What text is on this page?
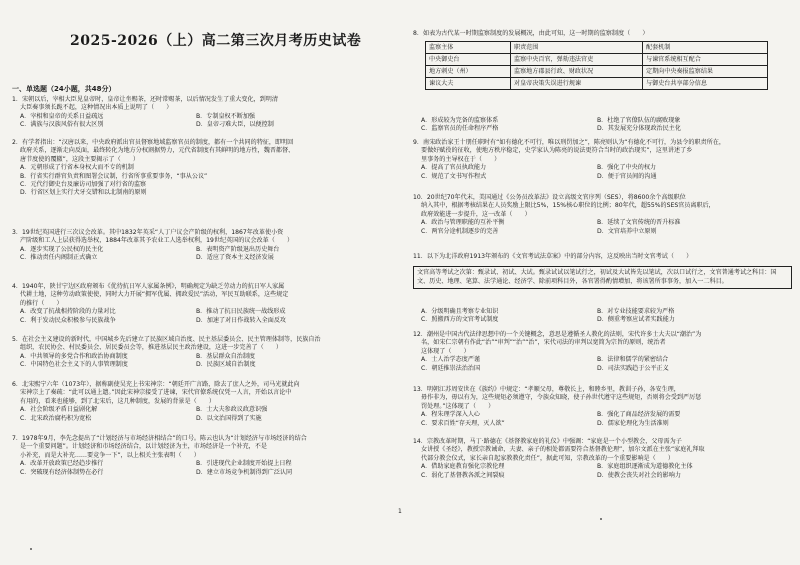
2025-2026（上）高二第三次月考历史试卷
一、单选题（24小题，共48分）
1．宋朝以后，宰相大臣见皇帝时，皇帝让坐赐茶，还时常赐茶，以后情况发生了重大变化，到明清
大臣奏事须长跪不起，这种情况出本质上说明了（　　）
A．宰相和皇帝的关系日益疏远	B．专制皇权不断加强
C．满族与汉族风俗有很大区别	D．皇帝刁难大臣，以便控制
2．有学者指出：“汉唐以来，中央政府派出官员督察地域监察官员的制度，都有一个共同的特征，即明回
政府关系，逐渐走向反面，最终转化为地方分权割据势力，元代省制度有其鲜明的地方性，魏晋都督、
唐节度使的覆辙”，这段主要揭示了（　　）
A．元朝形成了行省本身权大而不专的机制
B．行省实行群官负责和图署会议制，行省所事重要事务，“事从公议”
C．元代行御史台及廉访司加强了对行省的监察
D．行省区划上实行犬牙交错和以北制南的原则
3．19世纪英国进行三次议会改革。其中1832年英采“人丁户议会产阶级的权利，1867年改革使小资
产阶级和工人上层获得选举权，1884年改革其予农业工人选举权利，19世纪英国的议会改革（　　）
A．逐步实现了公民权的民主化	B．表明资产阶级退出历史舞台
C．推动责任内阁制正式确立	D．适应了资本主义经济发展
4．1940年，陕甘宁边区政府颁布《优待抗日军人家属条例》，明确规定为缺乏劳动力的抗日军人家属
代耕土地，这种劳动政策使使，同时大力开展“拥军优属、拥政爱民”活动，军民互助联系，这些规定
的推行（　　）
A．改变了抗战相持阶段的力量对比	B．推动了抗日民族统一战线形成
C．利于发动民众积极参与民族战争	D．加速了对日作战转入全面反攻
5．在社会主义建设的新时代，中国城乡先后建立了民族区域自治度、民主基层委员会、民主管理体制等，民族自治
组织，农民协会、村民委员会、居民委员会等，推进基层民主政治建设，这进一步完善了（　　）
A．中共领导的多党合作和政治协商制度	B．基层群众自治制度
C．中国特色社会主义下的人事管理制度	D．民族区域自治制度
6．北宋熙宁六年（1073年），据称副使吴充上书宋神宗：“朝廷开广言路，除去了庶人之外，司马光就此向
宋神宗上了奏疏：“此可以通上遗。”因此宋神宗接受了进谏，宋代官僚系统仅凭一人言，开始以言论中
有用的，看来也能够，到了北宋后，这几种制度，发展的背景是（　　）
A．社会阶级矛盾日益剧化解	B．士大夫参政议政意识强
C．北宋政治腐朽积为宽松	D．以文治国得到了实施
7．1978年9月，李先念提出了“计划经济与市场经济相结合”的口号。陈云也认为“计划经济与市场经济的结合
是一个重要问题”。计划经济和市场经济结合，以计划经济为主，市场经济是一个补充，不是
小补充，而是大补充……要竞争一下”，以上相关主张表明（　　）
A．改革开放政策已经趋步推行	B．引进现代企业制度开始提上日程
C．突破现有经济体制势在必行	D．建立市场竞争机制得到广泛认同
8．如表为古代某一时期监察制度的发展概况，由此可知，这一时期的监察制度（　　）
监察主体	职责范围	配套机制
中央御史台	监察中央百官，弹劾违法官吏	与谏官系统相互配合
地方刺史（州）	监察地方郡县行政、财政状况	定期向中央奏报监察结果
谏议大夫	对皇帝决策失误进行规谏	与御史台共享部分信息
A．形成较为完备的监察体系	B．杜绝了官僚队伍的腐败现象
C．监察官员的任命程序严格	D．其发展充分体现政治民主化
9．南宋政治家王十朋任职时有“如有德化不可行，唯以刑罚加之”，陈亮则认为“有德化不可行，为县令的职责所在，
要做好赋役的征收，使地方秩序稳定，史学家认为陈亮的说法更符合当时的政治现实”，这里讲述了乡
里事务的主导权在于（　　）
A．提高了官员执政能力	B．强化了中央的权力
C．规范了文书写作程式	D．便于官员间的沟通
10．20世纪70年代末，美国通过《公务员改革法》设立高级文官序列（SES），将8600余个高级职位
纳入其中，根据考核结果在人员奖励上限比5%，15%核心职位的比例；80年代，超55%的SES官员离职后，
政府效能进一步提升，这一改革（　　）
A．政治与管理职能的互补平衡	B．延续了文官传统的晋升标准
C．两官分途机制逐步的完善	D．文官培养中立原则
11．以下为北洋政府1913年颁布的《文官考试法草案》中的部分内容，这反映出当时文官考试（　　）
文官高等考试之次第：甄录试、初试、大试。甄录试试以笔试行之，初试及大试皆先以笔试，次以口试行之，文官普通考试之科目：国文、历史、地理、笔算、法学通论、经济学、除前项科目外，各官署得酌情增加，将该署所事事务，加入一二科目。
A．分级明确且考察专业知识	B．对专业技能要求较为严格
C．照搬西方的文官考试制度	D．侧重考察应试者实践能力
12．潮州是中国古代法律思想中的一个关键概念，意思是遵循圣人教化的法则，宋代许多士大夫以“潮治”为
名，如宋仁宗朝有作此“治”“审判”“治”“治”，宋代司法的审判以宽简为宗旨的原则，统治者
这体现了（　　）
A．士人治学态度严谨	B．法律和儒学的紧密结合
C．朝廷推崇法治治国	D．司法实践趋于公平正义
13．明朝江苏周安世在《族约》中规定：“孝顺父母，尊敬长上，和睦乡里，教训子孙，各安生理，
毋作非为，毋以有为，这些规矩必须遵守，令族众知晓，使子孙世代遵守这些规矩，否则将会受到严厉惩
罚处理。”这体现了（　　）
A．程朱理学深入人心	B．强化了商品经济发展的需要
C．要求百姓“存天理，灭人欲”	D．儒家伦理化为生活准则
14．宗教改革时期，马丁·路德在《基督教家庭的礼仪》中强调：“家庭是一个小型教会，父母需为子
女讲授《圣经》，教授宗教诫命，夫妻、亲子的相处都需要符合基督教伦理”，加尔文派在主张“家庭礼拜取
代部分教会仪式，家长亲自起家教教化责任”，据此可知，宗教改革的一个重要影响是（　　）
A．借助家庭教育强化宗教伦理	B．家庭组织逐渐成为道德教化主体
C．弱化了基督教各派之间裂痕	D．使教会丧失对社会的影响力
1
